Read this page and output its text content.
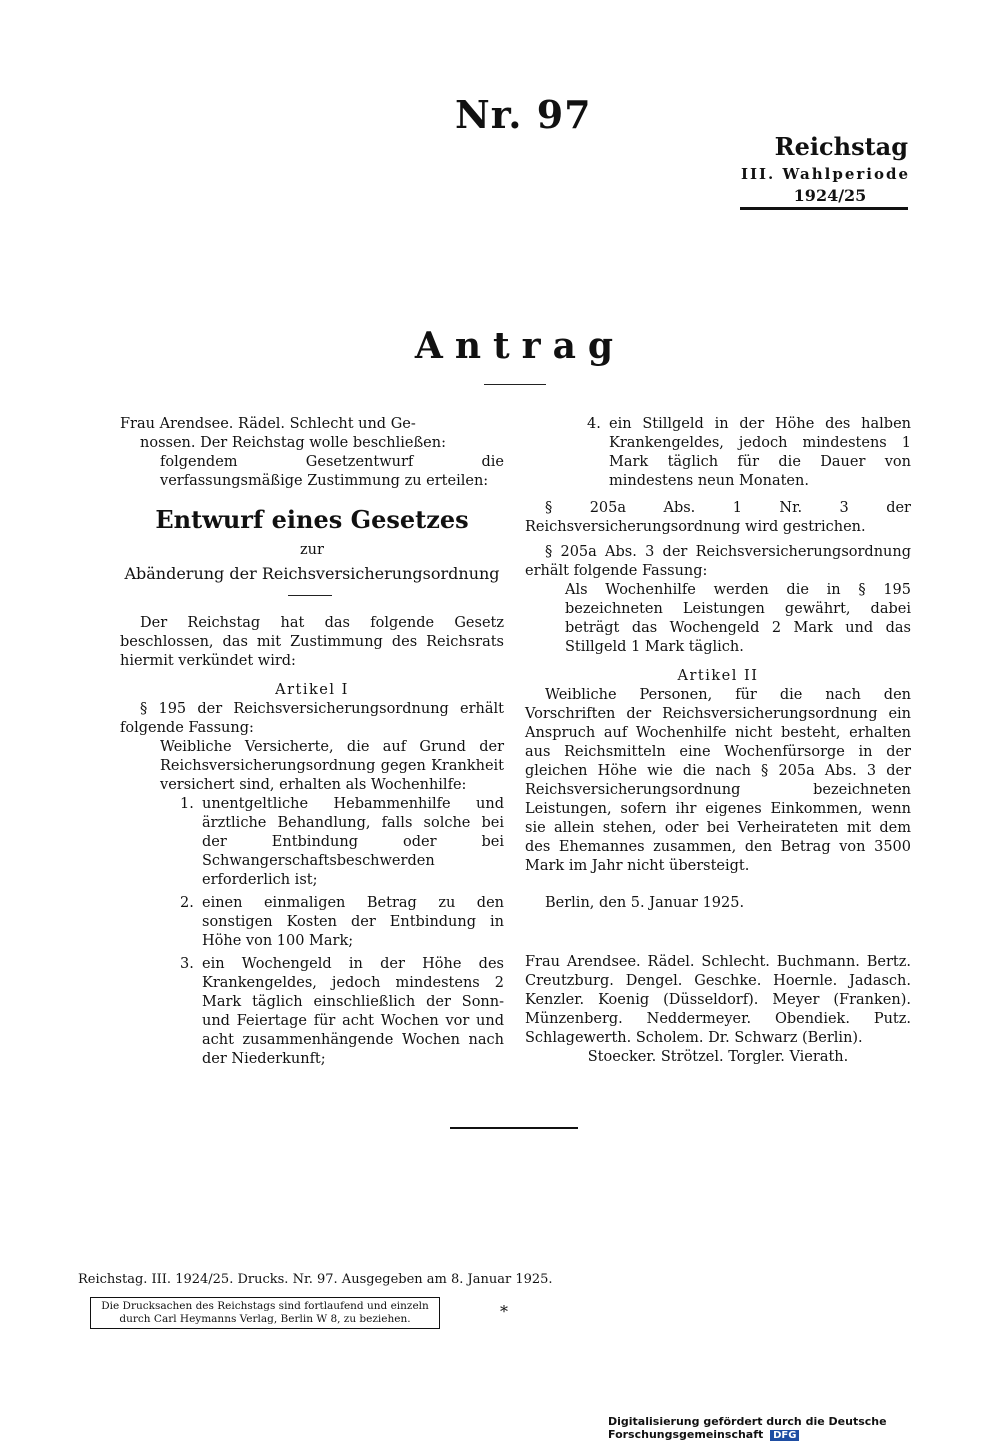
Nr. 97
Reichstag
III. Wahlperiode
1924/25
Antrag

Frau Arendsee. Rädel. Schlecht und Ge-

nossen. Der Reichstag wolle beschließen:

folgendem Gesetzentwurf die verfassungsmäßige Zustimmung zu erteilen:

Entwurf eines Gesetzes

zur

Abänderung der Reichsversicherungsordnung

Der Reichstag hat das folgende Gesetz beschlossen, das mit Zustimmung des Reichsrats hiermit verkündet wird:

Artikel I

§ 195 der Reichsversicherungsordnung erhält folgende Fassung:

Weibliche Versicherte, die auf Grund der Reichsversicherungsordnung gegen Krankheit versichert sind, erhalten als Wochenhilfe:

1. unentgeltliche Hebammenhilfe und ärztliche Behandlung, falls solche bei der Entbindung oder bei Schwangerschaftsbeschwerden erforderlich ist;
2. einen einmaligen Betrag zu den sonstigen Kosten der Entbindung in Höhe von 100 Mark;
3. ein Wochengeld in der Höhe des Krankengeldes, jedoch mindestens 2 Mark täglich einschließlich der Sonn- und Feiertage für acht Wochen vor und acht zusammenhängende Wochen nach der Niederkunft;
4. ein Stillgeld in der Höhe des halben Krankengeldes, jedoch mindestens 1 Mark täglich für die Dauer von mindestens neun Monaten.

§ 205a Abs. 1 Nr. 3 der Reichsversicherungsordnung wird gestrichen.

§ 205a Abs. 3 der Reichsversicherungsordnung erhält folgende Fassung:

Als Wochenhilfe werden die in § 195 bezeichneten Leistungen gewährt, dabei beträgt das Wochengeld 2 Mark und das Stillgeld 1 Mark täglich.

Artikel II

Weibliche Personen, für die nach den Vorschriften der Reichsversicherungsordnung ein Anspruch auf Wochenhilfe nicht besteht, erhalten aus Reichsmitteln eine Wochenfürsorge in der gleichen Höhe wie die nach § 205a Abs. 3 der Reichsversicherungsordnung bezeichneten Leistungen, sofern ihr eigenes Einkommen, wenn sie allein stehen, oder bei Verheirateten mit dem des Ehemannes zusammen, den Betrag von 3500 Mark im Jahr nicht übersteigt.

Berlin, den 5. Januar 1925.

Frau Arendsee. Rädel. Schlecht. Buchmann. Bertz. Creutzburg. Dengel. Geschke. Hoernle. Jadasch. Kenzler. Koenig (Düsseldorf). Meyer (Franken). Münzenberg. Neddermeyer. Obendiek. Putz. Schlagewerth. Scholem. Dr. Schwarz (Berlin).

Stoecker. Strötzel. Torgler. Vierath.

Reichstag. III. 1924/25. Drucks. Nr. 97. Ausgegeben am 8. Januar 1925.
Die Drucksachen des Reichstags sind fortlaufend und einzeln
durch Carl Heymanns Verlag, Berlin W 8, zu beziehen.	*
Digitalisierung gefördert durch die Deutsche Forschungsgemeinschaft DFG
